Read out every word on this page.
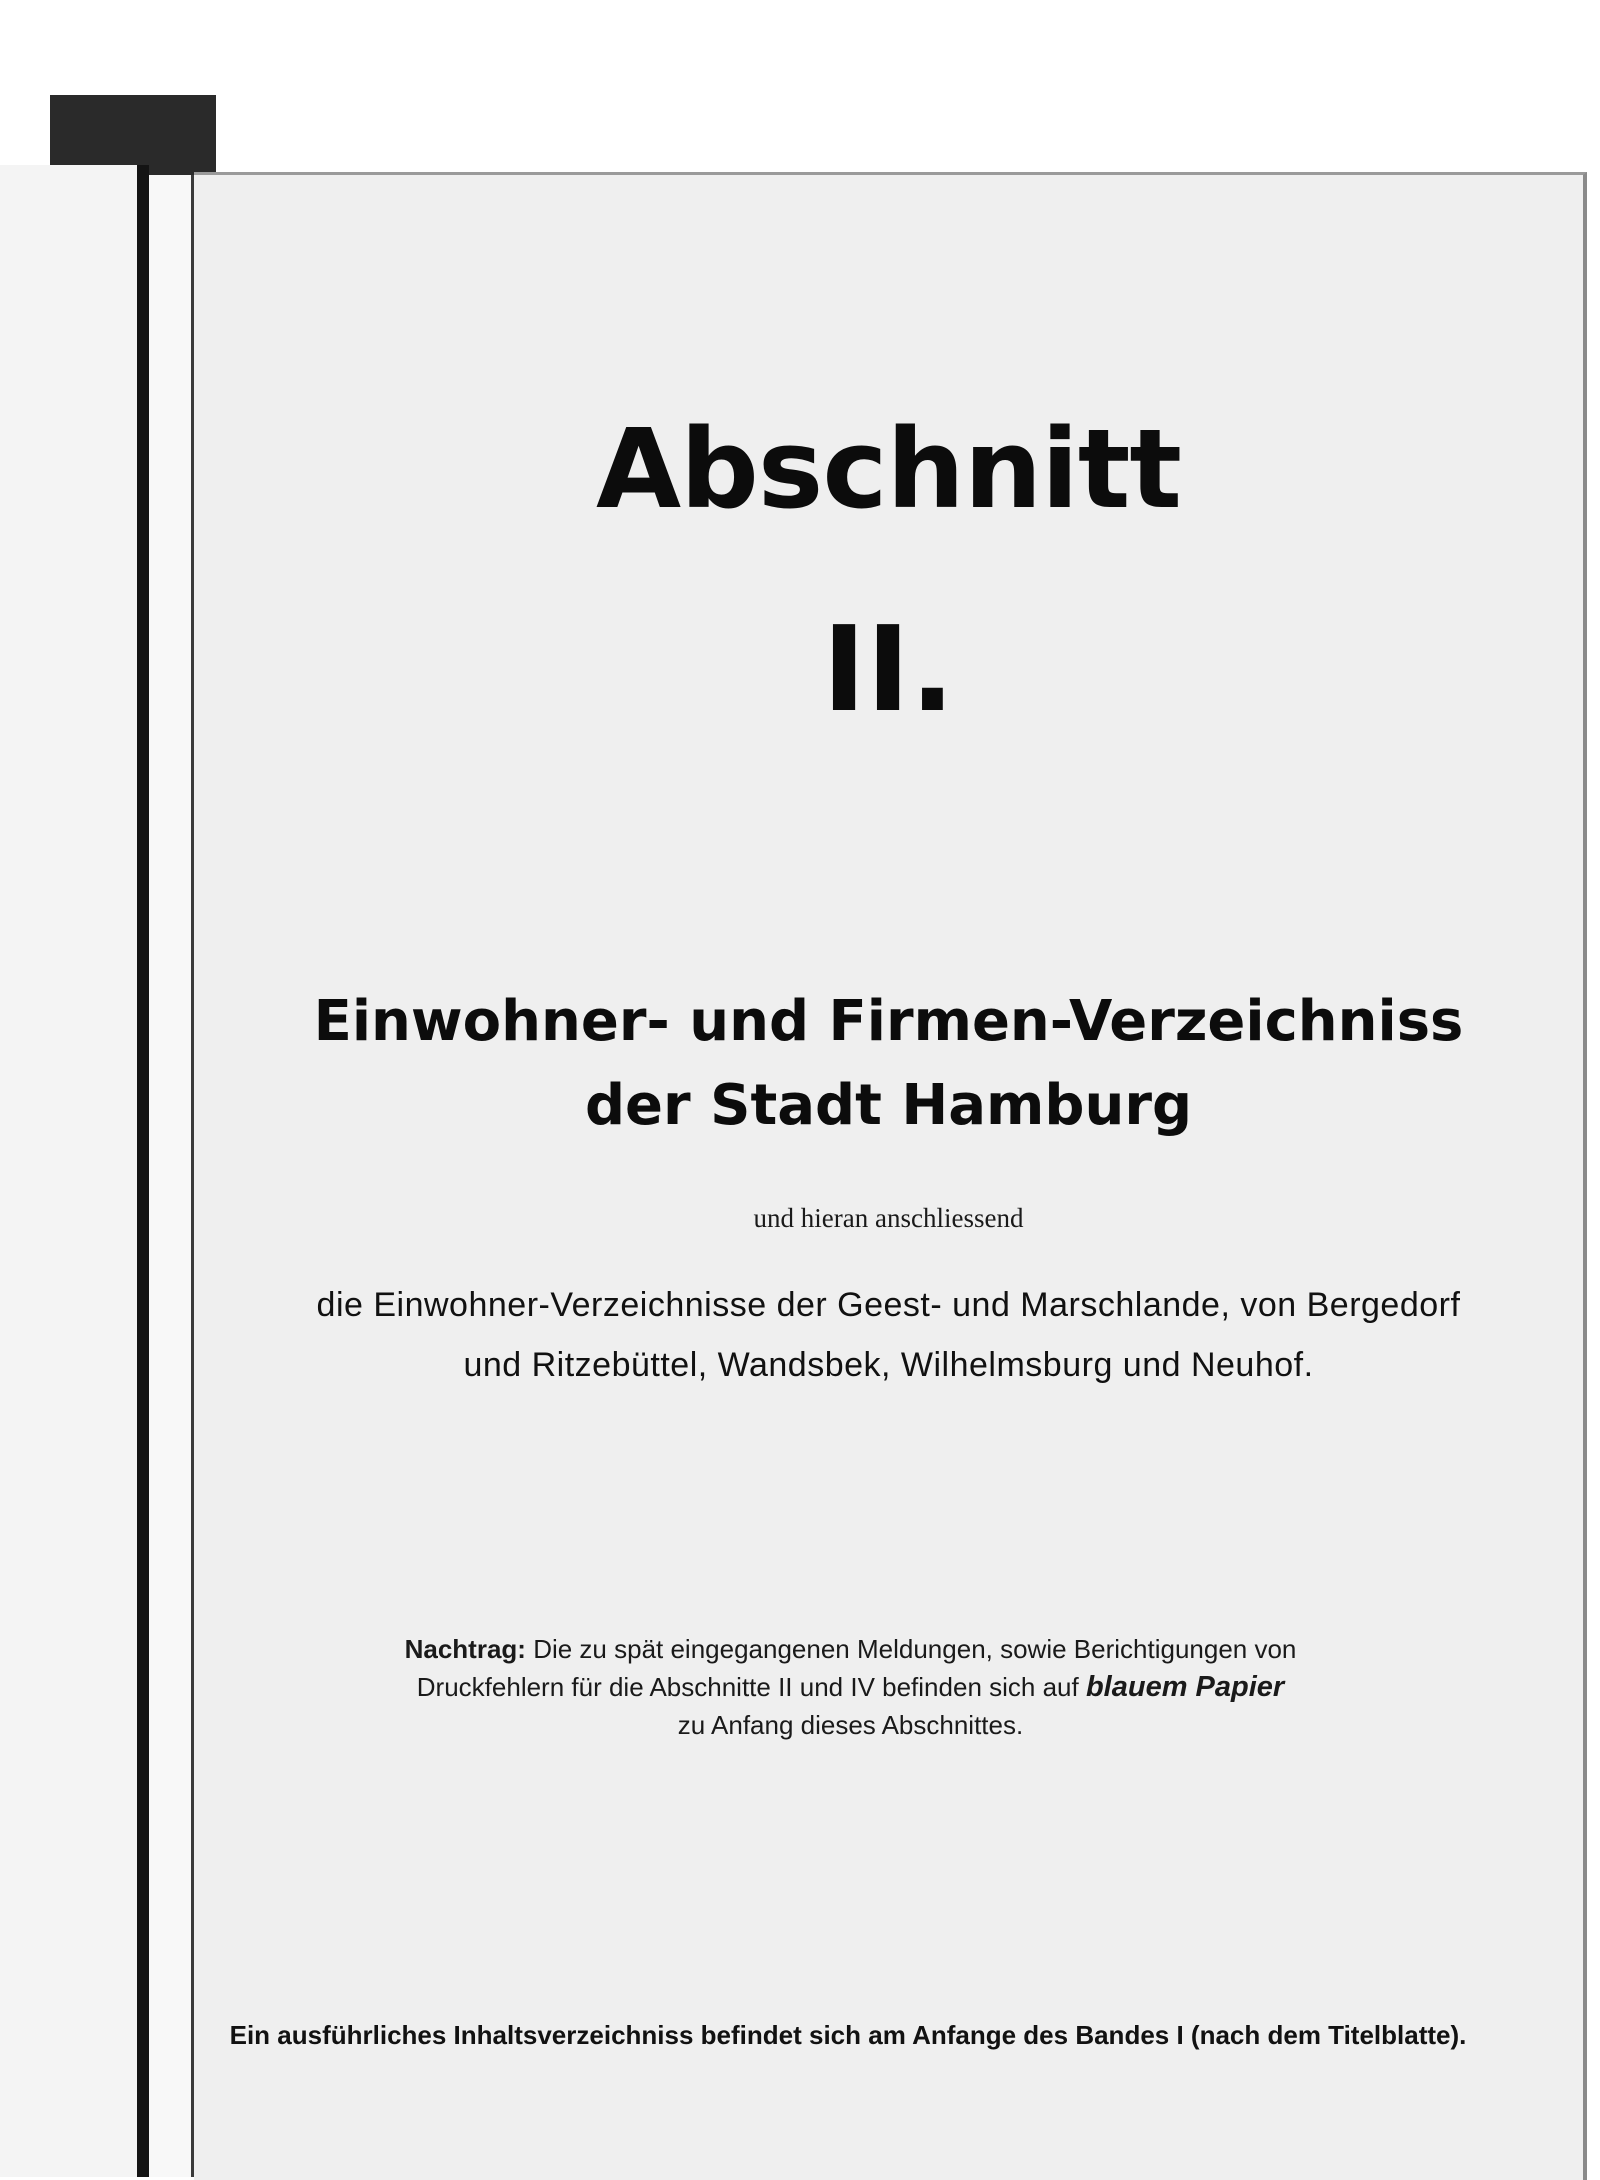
Abschnitt
II.
Einwohner- und Firmen-Verzeichniss
der Stadt Hamburg
und hieran anschliessend
die Einwohner-Verzeichnisse der Geest- und Marschlande, von Bergedorf
und Ritzebüttel, Wandsbek, Wilhelmsburg und Neuhof.
Nachtrag: Die zu spät eingegangenen Meldungen, sowie Berichtigungen von Druckfehlern für die Abschnitte II und IV befinden sich auf blauem Papier
zu Anfang dieses Abschnittes.
Ein ausführliches Inhaltsverzeichniss befindet sich am Anfange des Bandes I (nach dem Titelblatte).
